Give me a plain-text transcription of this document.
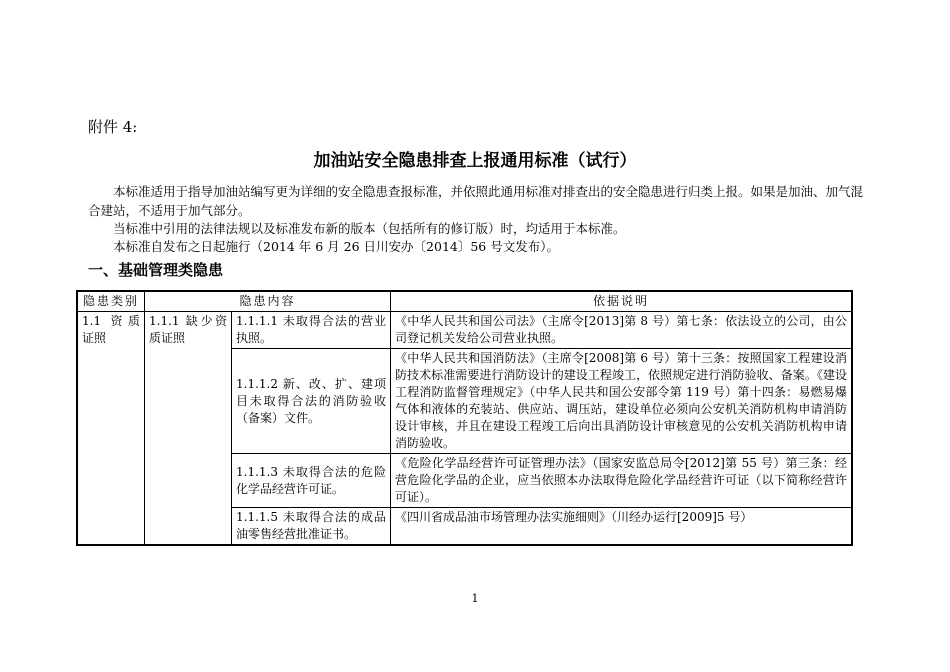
附件 4:
加油站安全隐患排查上报通用标准（试行）
本标准适用于指导加油站编写更为详细的安全隐患查报标准，并依照此通用标准对排查出的安全隐患进行归类上报。如果是加油、加气混合建站，不适用于加气部分。
当标准中引用的法律法规以及标准发布新的版本（包括所有的修订版）时，均适用于本标准。
本标准自发布之日起施行（2014 年 6 月 26 日川安办〔2014〕56 号文发布）。
一、基础管理类隐患
隐患类别	隐患内容		依据说明
1.1 资质证照	1.1.1 缺少资质证照	1.1.1.1 未取得合法的营业执照。	《中华人民共和国公司法》（主席令[2013]第 8 号）第七条：依法设立的公司，由公司登记机关发给公司营业执照。
		1.1.1.2 新、改、扩、建项目未取得合法的消防验收（备案）文件。	《中华人民共和国消防法》（主席令[2008]第 6 号）第十三条：按照国家工程建设消防技术标准需要进行消防设计的建设工程竣工，依照规定进行消防验收、备案。《建设工程消防监督管理规定》（中华人民共和国公安部令第 119 号）第十四条：易燃易爆气体和液体的充装站、供应站、调压站，建设单位必须向公安机关消防机构申请消防设计审核，并且在建设工程竣工后向出具消防设计审核意见的公安机关消防机构申请消防验收。
		1.1.1.3 未取得合法的危险化学品经营许可证。	《危险化学品经营许可证管理办法》（国家安监总局令[2012]第 55 号）第三条：经营危险化学品的企业，应当依照本办法取得危险化学品经营许可证（以下简称经营许可证）。
		1.1.1.5 未取得合法的成品油零售经营批准证书。	《四川省成品油市场管理办法实施细则》（川经办运行[2009]5 号）
1
